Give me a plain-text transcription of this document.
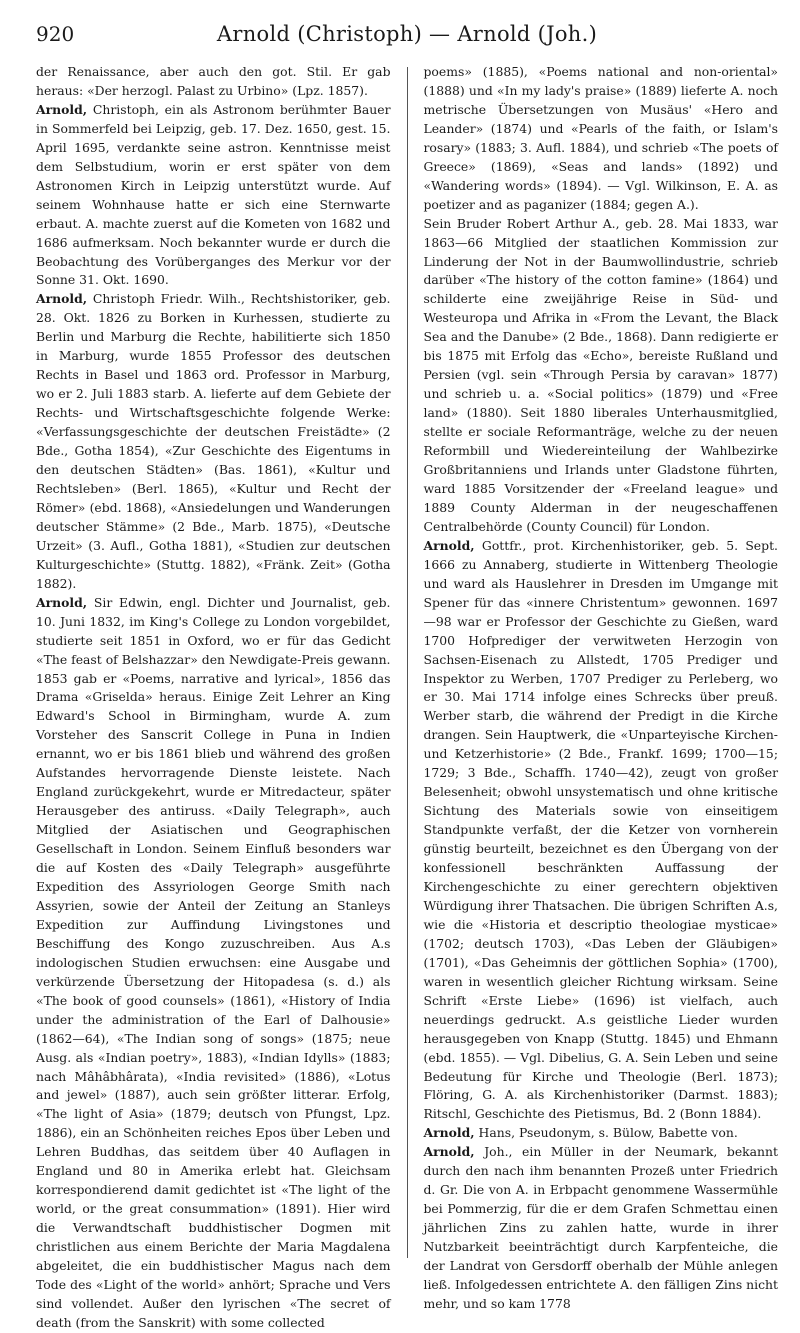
920	Arnold (Christoph) — Arnold (Joh.)

der Renaissance, aber auch den got. Stil. Er gab heraus: «Der herzogl. Palast zu Urbino» (Lpz. 1857).

Arnold, Christoph, ein als Astronom berühmter Bauer in Sommerfeld bei Leipzig, geb. 17. Dez. 1650, gest. 15. April 1695, verdankte seine astron. Kenntnisse meist dem Selbstudium, worin er erst später von dem Astronomen Kirch in Leipzig unterstützt wurde. Auf seinem Wohnhause hatte er sich eine Sternwarte erbaut. A. machte zuerst auf die Kometen von 1682 und 1686 aufmerksam. Noch bekannter wurde er durch die Beobachtung des Vorüberganges des Merkur vor der Sonne 31. Okt. 1690.

Arnold, Christoph Friedr. Wilh., Rechtshistoriker, geb. 28. Okt. 1826 zu Borken in Kurhessen, studierte zu Berlin und Marburg die Rechte, habilitierte sich 1850 in Marburg, wurde 1855 Professor des deutschen Rechts in Basel und 1863 ord. Professor in Marburg, wo er 2. Juli 1883 starb. A. lieferte auf dem Gebiete der Rechts- und Wirtschaftsgeschichte folgende Werke: «Verfassungsgeschichte der deutschen Freistädte» (2 Bde., Gotha 1854), «Zur Geschichte des Eigentums in den deutschen Städten» (Bas. 1861), «Kultur und Rechtsleben» (Berl. 1865), «Kultur und Recht der Römer» (ebd. 1868), «Ansiedelungen und Wanderungen deutscher Stämme» (2 Bde., Marb. 1875), «Deutsche Urzeit» (3. Aufl., Gotha 1881), «Studien zur deutschen Kulturgeschichte» (Stuttg. 1882), «Fränk. Zeit» (Gotha 1882).

Arnold, Sir Edwin, engl. Dichter und Journalist, geb. 10. Juni 1832, im King's College zu London vorgebildet, studierte seit 1851 in Oxford, wo er für das Gedicht «The feast of Belshazzar» den Newdigate-Preis gewann. 1853 gab er «Poems, narrative and lyrical», 1856 das Drama «Griselda» heraus. Einige Zeit Lehrer an King Edward's School in Birmingham, wurde A. zum Vorsteher des Sanscrit College in Puna in Indien ernannt, wo er bis 1861 blieb und während des großen Aufstandes hervorragende Dienste leistete. Nach England zurückgekehrt, wurde er Mitredacteur, später Herausgeber des antiruss. «Daily Telegraph», auch Mitglied der Asiatischen und Geographischen Gesellschaft in London. Seinem Einfluß besonders war die auf Kosten des «Daily Telegraph» ausgeführte Expedition des Assyriologen George Smith nach Assyrien, sowie der Anteil der Zeitung an Stanleys Expedition zur Auffindung Livingstones und Beschiffung des Kongo zuzuschreiben. Aus A.s indologischen Studien erwuchsen: eine Ausgabe und verkürzende Übersetzung der Hitopadesa (s. d.) als «The book of good counsels» (1861), «History of India under the administration of the Earl of Dalhousie» (1862—64), «The Indian song of songs» (1875; neue Ausg. als «Indian poetry», 1883), «Indian Idylls» (1883; nach Mâhâbhârata), «India revisited» (1886), «Lotus and jewel» (1887), auch sein größter litterar. Erfolg, «The light of Asia» (1879; deutsch von Pfungst, Lpz. 1886), ein an Schönheiten reiches Epos über Leben und Lehren Buddhas, das seitdem über 40 Auflagen in England und 80 in Amerika erlebt hat. Gleichsam korrespondierend damit gedichtet ist «The light of the world, or the great consummation» (1891). Hier wird die Verwandtschaft buddhistischer Dogmen mit christlichen aus einem Berichte der Maria Magdalena abgeleitet, die ein buddhistischer Magus nach dem Tode des «Light of the world» anhört; Sprache und Vers sind vollendet. Außer den lyrischen «The secret of death (from the Sanskrit) with some collected

poems» (1885), «Poems national and non-oriental» (1888) und «In my lady's praise» (1889) lieferte A. noch metrische Übersetzungen von Musäus' «Hero and Leander» (1874) und «Pearls of the faith, or Islam's rosary» (1883; 3. Aufl. 1884), und schrieb «The poets of Greece» (1869), «Seas and lands» (1892) und «Wandering words» (1894). — Vgl. Wilkinson, E. A. as poetizer and as paganizer (1884; gegen A.).

Sein Bruder Robert Arthur A., geb. 28. Mai 1833, war 1863—66 Mitglied der staatlichen Kommission zur Linderung der Not in der Baumwollindustrie, schrieb darüber «The history of the cotton famine» (1864) und schilderte eine zweijährige Reise in Süd- und Westeuropa und Afrika in «From the Levant, the Black Sea and the Danube» (2 Bde., 1868). Dann redigierte er bis 1875 mit Erfolg das «Echo», bereiste Rußland und Persien (vgl. sein «Through Persia by caravan» 1877) und schrieb u. a. «Social politics» (1879) und «Free land» (1880). Seit 1880 liberales Unterhausmitglied, stellte er sociale Reformanträge, welche zu der neuen Reformbill und Wiedereinteilung der Wahlbezirke Großbritanniens und Irlands unter Gladstone führten, ward 1885 Vorsitzender der «Freeland league» und 1889 County Alderman in der neugeschaffenen Centralbehörde (County Council) für London.

Arnold, Gottfr., prot. Kirchenhistoriker, geb. 5. Sept. 1666 zu Annaberg, studierte in Wittenberg Theologie und ward als Hauslehrer in Dresden im Umgange mit Spener für das «innere Christentum» gewonnen. 1697—98 war er Professor der Geschichte zu Gießen, ward 1700 Hofprediger der verwitweten Herzogin von Sachsen-Eisenach zu Allstedt, 1705 Prediger und Inspektor zu Werben, 1707 Prediger zu Perleberg, wo er 30. Mai 1714 infolge eines Schrecks über preuß. Werber starb, die während der Predigt in die Kirche drangen. Sein Hauptwerk, die «Unparteyische Kirchen- und Ketzerhistorie» (2 Bde., Frankf. 1699; 1700—15; 1729; 3 Bde., Schaffh. 1740—42), zeugt von großer Belesenheit; obwohl unsystematisch und ohne kritische Sichtung des Materials sowie von einseitigem Standpunkte verfaßt, der die Ketzer von vornherein günstig beurteilt, bezeichnet es den Übergang von der konfessionell beschränkten Auffassung der Kirchengeschichte zu einer gerechtern objektiven Würdigung ihrer Thatsachen. Die übrigen Schriften A.s, wie die «Historia et descriptio theologiae mysticae» (1702; deutsch 1703), «Das Leben der Gläubigen» (1701), «Das Geheimnis der göttlichen Sophia» (1700), waren in wesentlich gleicher Richtung wirksam. Seine Schrift «Erste Liebe» (1696) ist vielfach, auch neuerdings gedruckt. A.s geistliche Lieder wurden herausgegeben von Knapp (Stuttg. 1845) und Ehmann (ebd. 1855). — Vgl. Dibelius, G. A. Sein Leben und seine Bedeutung für Kirche und Theologie (Berl. 1873); Flöring, G. A. als Kirchenhistoriker (Darmst. 1883); Ritschl, Geschichte des Pietismus, Bd. 2 (Bonn 1884).

Arnold, Hans, Pseudonym, s. Bülow, Babette von.

Arnold, Joh., ein Müller in der Neumark, bekannt durch den nach ihm benannten Prozeß unter Friedrich d. Gr. Die von A. in Erbpacht genommene Wassermühle bei Pommerzig, für die er dem Grafen Schmettau einen jährlichen Zins zu zahlen hatte, wurde in ihrer Nutzbarkeit beeinträchtigt durch Karpfenteiche, die der Landrat von Gersdorff oberhalb der Mühle anlegen ließ. Infolgedessen entrichtete A. den fälligen Zins nicht mehr, und so kam 1778
